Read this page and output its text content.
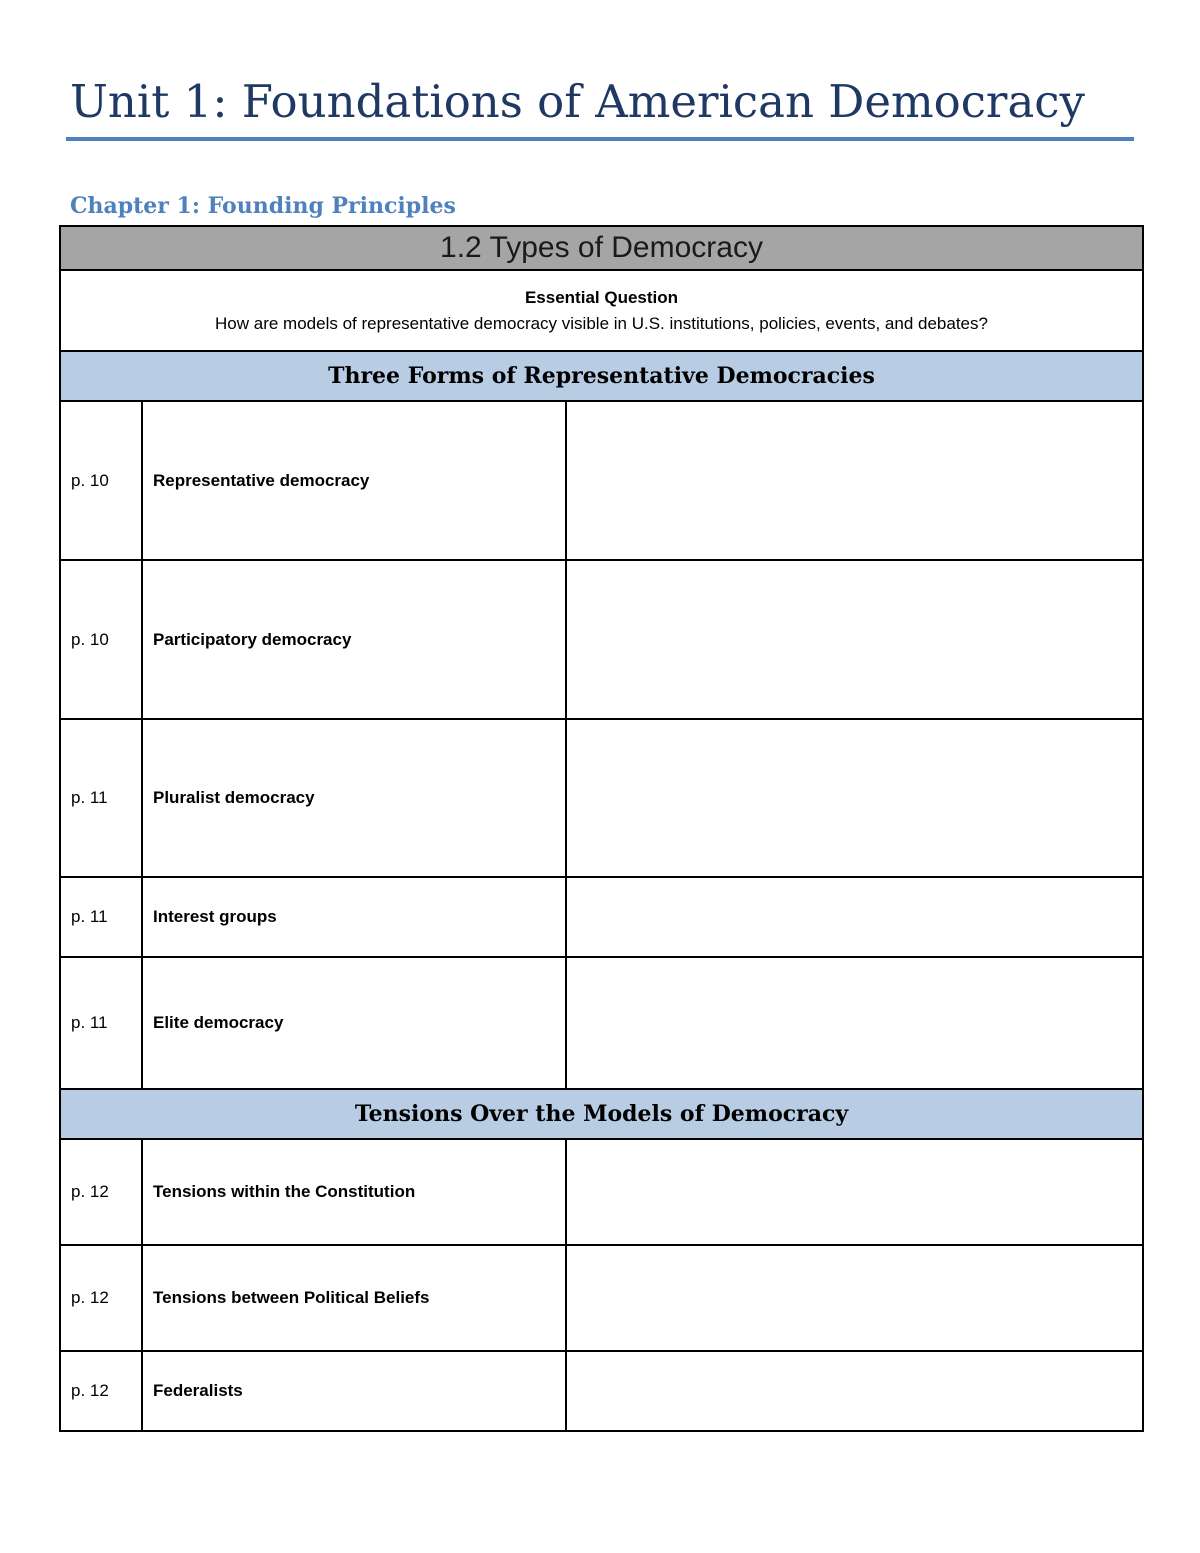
Unit 1: Foundations of American Democracy
Chapter 1: Founding Principles
1.2 Types of Democracy		

Essential Question
How are models of representative democracy visible in U.S. institutions, policies, events, and debates?		

Three Forms of Representative Democracies		
p. 10	Representative democracy	
p. 10	Participatory democracy	
p. 11	Pluralist democracy	
p. 11	Interest groups	
p. 11	Elite democracy	
Tensions Over the Models of Democracy		
p. 12	Tensions within the Constitution	
p. 12	Tensions between Political Beliefs	
p. 12	Federalists	
